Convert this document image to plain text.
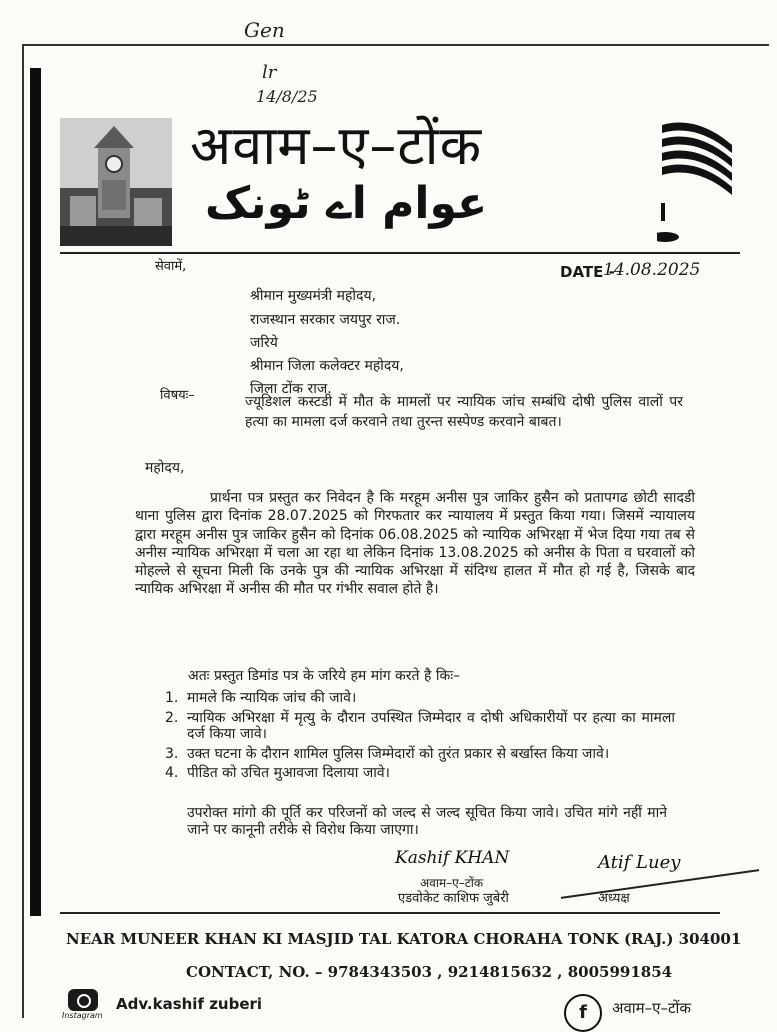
Gen
lr
14/8/25
अवाम–ए–टोंक
عوام اے ٹونک
सेवामें,	DATE -
14.08.2025
श्रीमान मुख्यमंत्री महोदय,
राजस्थान सरकार जयपुर राज.
जरिये
श्रीमान जिला कलेक्टर महोदय,
जिला टोंक राज.
विषयः–	ज्यूडिशल कस्टडी में मौत के मामलों पर न्यायिक जांच सम्बंधि दोषी पुलिस वालों पर हत्या का मामला दर्ज करवाने तथा तुरन्त सस्पेण्ड करवाने बाबत।
महोदय,
प्रार्थना पत्र प्रस्तुत कर निवेदन है कि मरहूम अनीस पुत्र जाकिर हुसैन को प्रतापगढ छोटी सादडी थाना पुलिस द्वारा दिनांक 28.07.2025 को गिरफतार कर न्यायालय में प्रस्तुत किया गया। जिसमें न्यायालय द्वारा मरहूम अनीस पुत्र जाकिर हुसैन को दिनांक 06.08.2025 को न्यायिक अभिरक्षा में भेज दिया गया तब से अनीस न्यायिक अभिरक्षा में चला आ रहा था लेकिन दिनांक 13.08.2025 को अनीस के पिता व घरवालों को मोहल्ले से सूचना मिली कि उनके पुत्र की न्यायिक अभिरक्षा में संदिग्ध हालत में मौत हो गई है, जिसके बाद न्यायिक अभिरक्षा में अनीस की मौत पर गंभीर सवाल होते है।
अतः प्रस्तुत डिमांड पत्र के जरिये हम मांग करते है किः–
1. मामले कि न्यायिक जांच की जावे।
2. न्यायिक अभिरक्षा में मृत्यु के दौरान उपस्थित जिम्मेदार व दोषी अधिकारीयों पर हत्या का मामला दर्ज किया जावे।
3. उक्त घटना के दौरान शामिल पुलिस जिम्मेदारों को तुरंत प्रकार से बर्खास्त किया जावे।
4. पीडित को उचित मुआवजा दिलाया जावे।
उपरोक्त मांगो की पूर्ति कर परिजनों को जल्द से जल्द सूचित किया जावे। उचित मांगे नहीं माने जाने पर कानूनी तरीके से विरोध किया जाएगा।
Kashif KHAN	Atif Luey
अवाम–ए–टोंक
एडवोकेट काशिफ जुबेरी	अध्यक्ष
NEAR MUNEER KHAN KI MASJID TAL KATORA CHORAHA TONK (RAJ.) 304001
CONTACT, NO. – 9784343503 , 9214815632 , 8005991854
Instagram
Adv.kashif zuberi	f	अवाम–ए–टोंक
